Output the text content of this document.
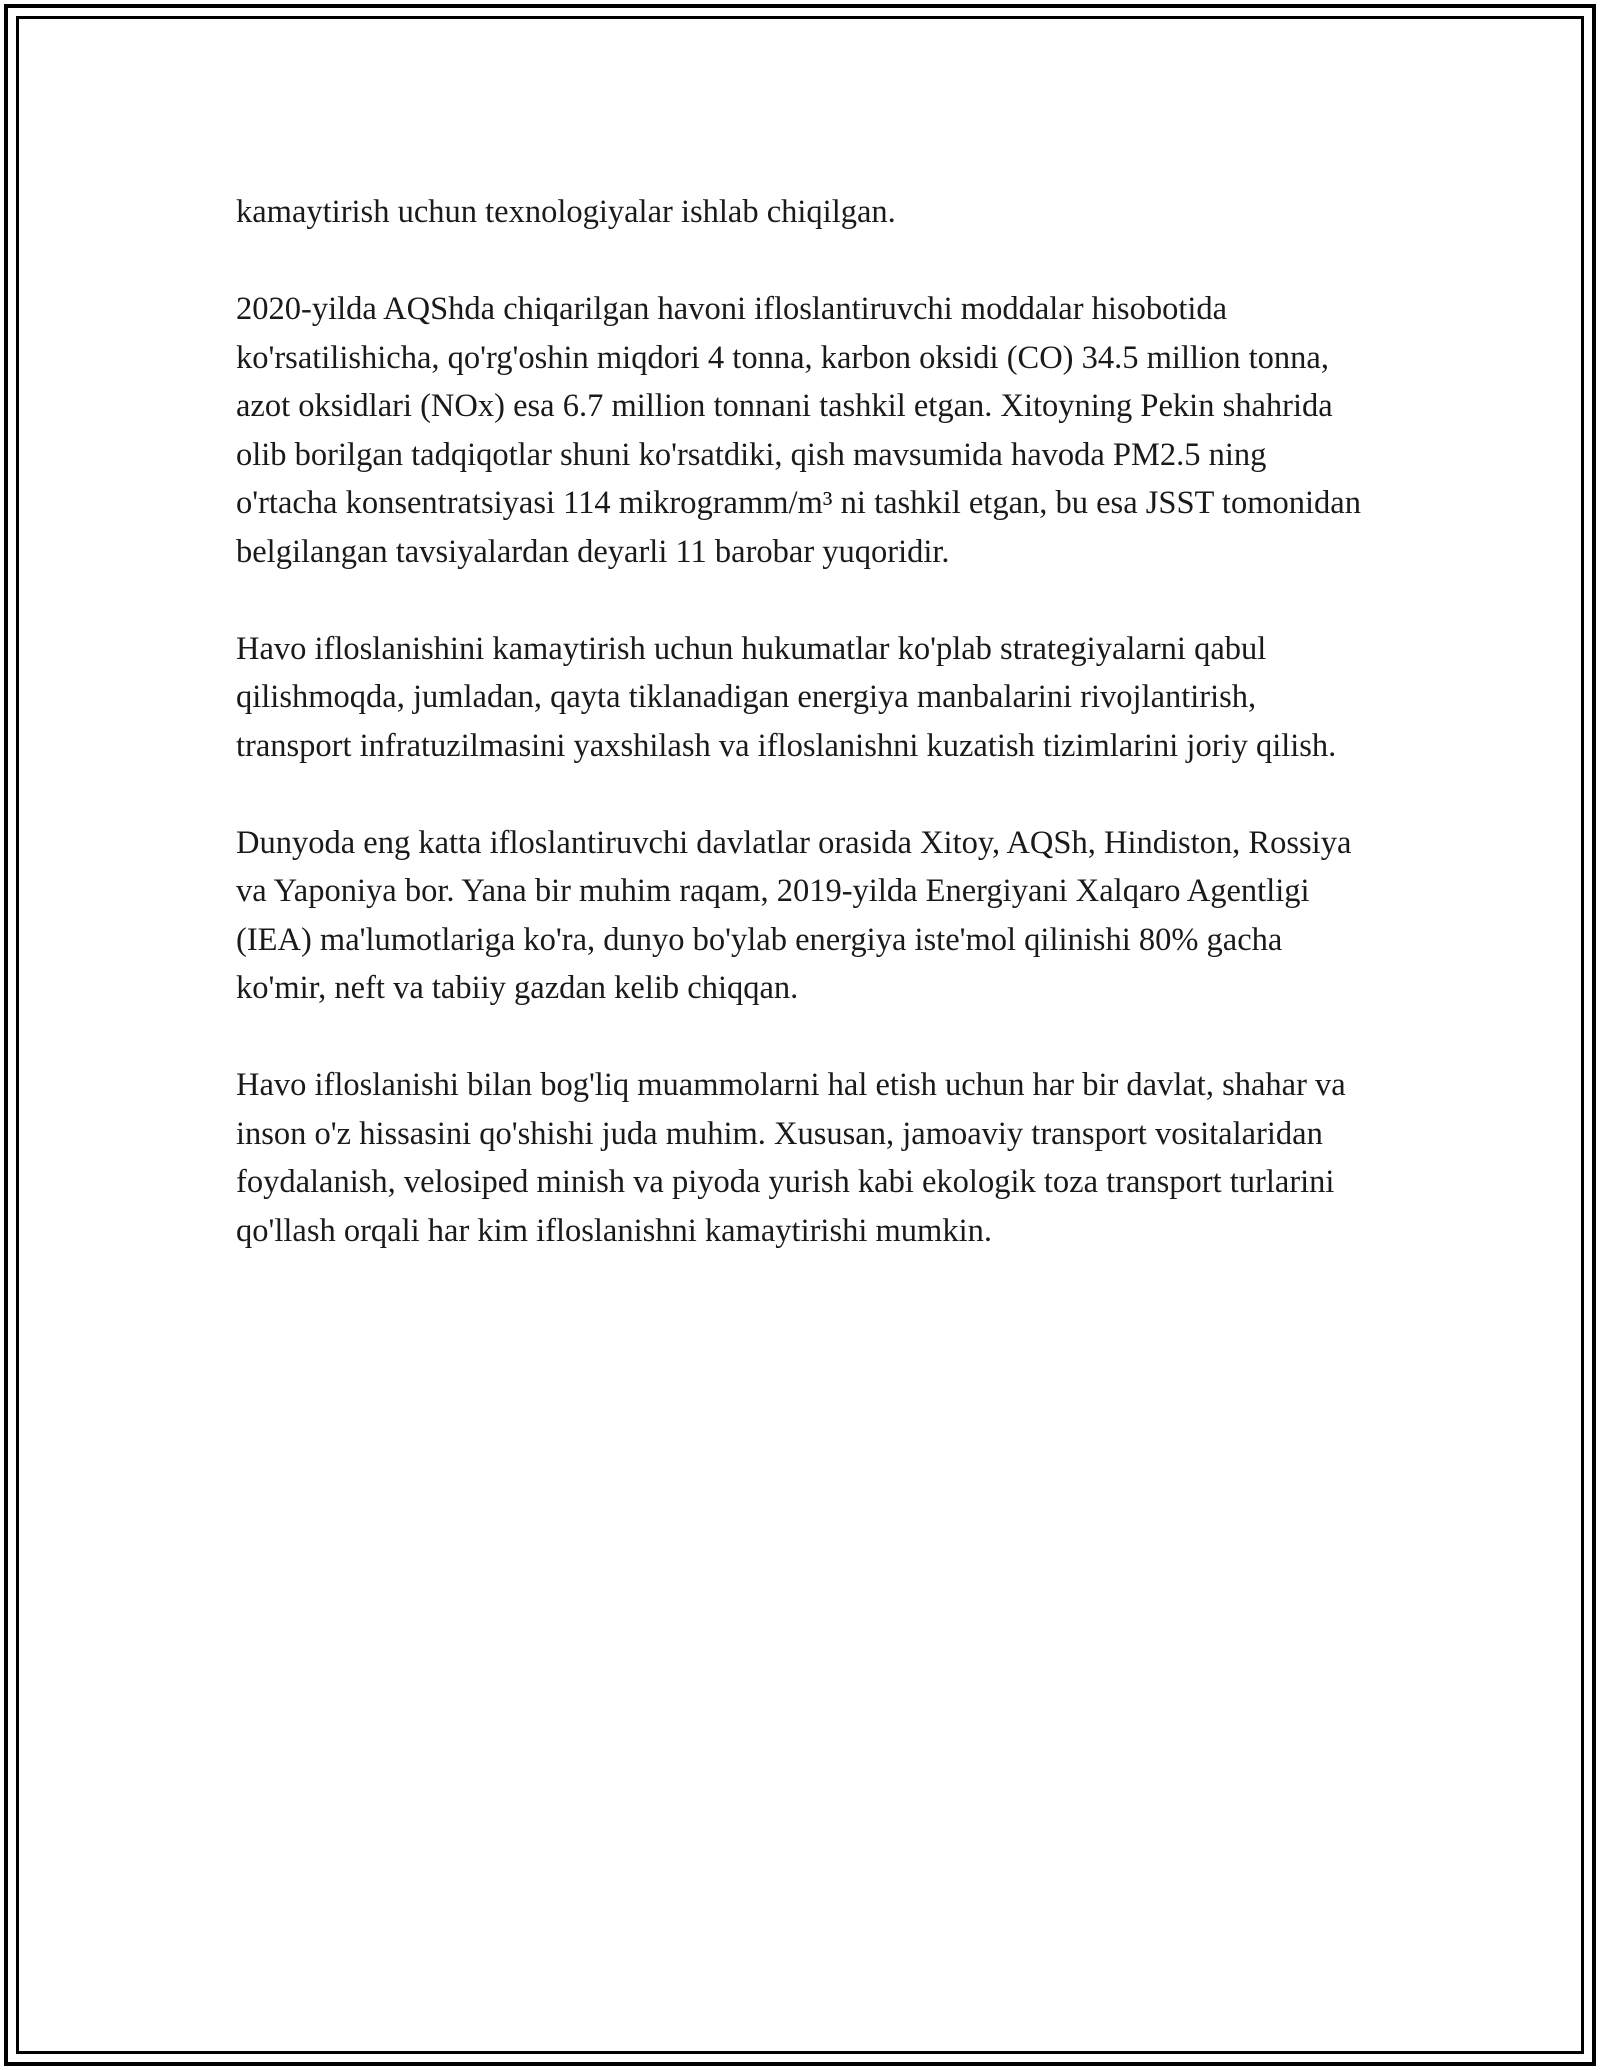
kamaytirish uchun texnologiyalar ishlab chiqilgan.

2020-yilda AQShda chiqarilgan havoni ifloslantiruvchi moddalar hisobotida ko'rsatilishicha, qo'rg'oshin miqdori 4 tonna, karbon oksidi (CO) 34.5 million tonna, azot oksidlari (NOx) esa 6.7 million tonnani tashkil etgan. Xitoyning Pekin shahrida olib borilgan tadqiqotlar shuni ko'rsatdiki, qish mavsumida havoda PM2.5 ning o'rtacha konsentratsiyasi 114 mikrogramm/m³ ni tashkil etgan, bu esa JSST tomonidan belgilangan tavsiyalardan deyarli 11 barobar yuqoridir.

Havo ifloslanishini kamaytirish uchun hukumatlar ko'plab strategiyalarni qabul qilishmoqda, jumladan, qayta tiklanadigan energiya manbalarini rivojlantirish, transport infratuzilmasini yaxshilash va ifloslanishni kuzatish tizimlarini joriy qilish.

Dunyoda eng katta ifloslantiruvchi davlatlar orasida Xitoy, AQSh, Hindiston, Rossiya va Yaponiya bor. Yana bir muhim raqam, 2019-yilda Energiyani Xalqaro Agentligi (IEA) ma'lumotlariga ko'ra, dunyo bo'ylab energiya iste'mol qilinishi 80% gacha ko'mir, neft va tabiiy gazdan kelib chiqqan.

Havo ifloslanishi bilan bog'liq muammolarni hal etish uchun har bir davlat, shahar va inson o'z hissasini qo'shishi juda muhim. Xususan, jamoaviy transport vositalaridan foydalanish, velosiped minish va piyoda yurish kabi ekologik toza transport turlarini qo'llash orqali har kim ifloslanishni kamaytirishi mumkin.
